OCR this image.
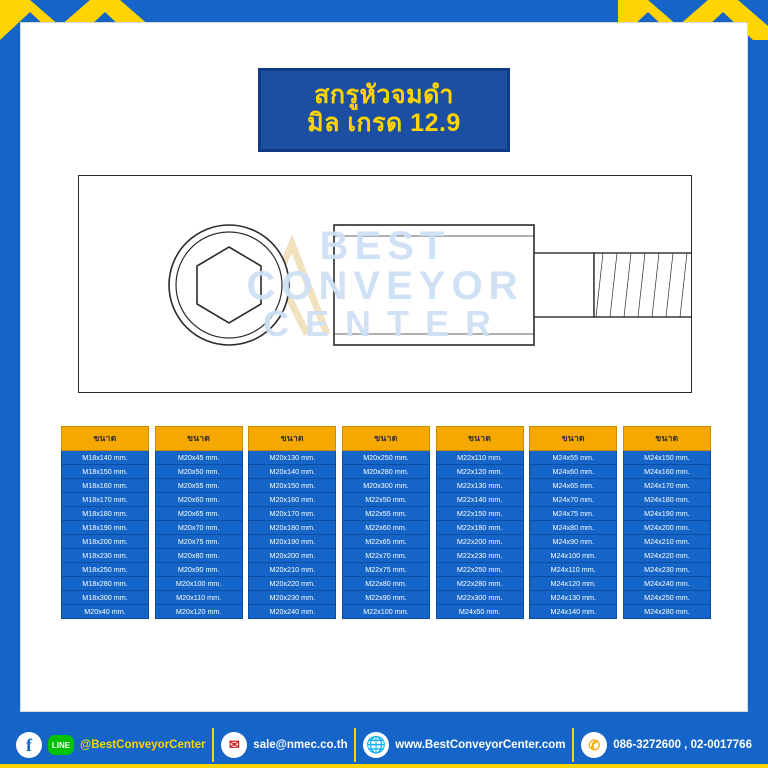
สกรูหัวจมดำ
มิล เกรด 12.9
BEST
CONVEYOR
CENTER
ขนาด
M18x140 mm.
M18x150 mm.
M18x160 mm.
M18x170 mm.
M18x180 mm.
M18x190 mm.
M18x200 mm.
M18x230 mm.
M18x250 mm.
M18x280 mm.
M18x300 mm.
M20x40 mm.
ขนาด
M20x45 mm.
M20x50 mm.
M20x55 mm.
M20x60 mm.
M20x65 mm.
M20x70 mm.
M20x75 mm.
M20x80 mm.
M20x90 mm.
M20x100 mm.
M20x110 mm.
M20x120 mm.
ขนาด
M20x130 mm.
M20x140 mm.
M20x150 mm.
M20x160 mm.
M20x170 mm.
M20x180 mm.
M20x190 mm.
M20x200 mm.
M20x210 mm.
M20x220 mm.
M20x230 mm.
M20x240 mm.
ขนาด
M20x250 mm.
M20x280 mm.
M20x300 mm.
M22x50 mm.
M22x55 mm.
M22x60 mm.
M22x65 mm.
M22x70 mm.
M22x75 mm.
M22x80 mm.
M22x90 mm.
M22x100 mm.
ขนาด
M22x110 mm.
M22x120 mm.
M22x130 mm.
M22x140 mm.
M22x150 mm.
M22x180 mm.
M22x200 mm.
M22x230 mm.
M22x250 mm.
M22x280 mm.
M22x300 mm.
M24x50 mm.
ขนาด
M24x55 mm.
M24x60 mm.
M24x65 mm.
M24x70 mm.
M24x75 mm.
M24x80 mm.
M24x90 mm.
M24x100 mm.
M24x110 mm.
M24x120 mm.
M24x130 mm.
M24x140 mm.
ขนาด
M24x150 mm.
M24x160 mm.
M24x170 mm.
M24x180 mm.
M24x190 mm.
M24x200 mm.
M24x210 mm.
M24x220 mm.
M24x230 mm.
M24x240 mm.
M24x250 mm.
M24x280 mm.
f	LINE @BestConveyorCenter	✉	sale@nmec.co.th 🌐 www.BestConveyorCenter.com	✆	086-3272600 , 02-0017766
